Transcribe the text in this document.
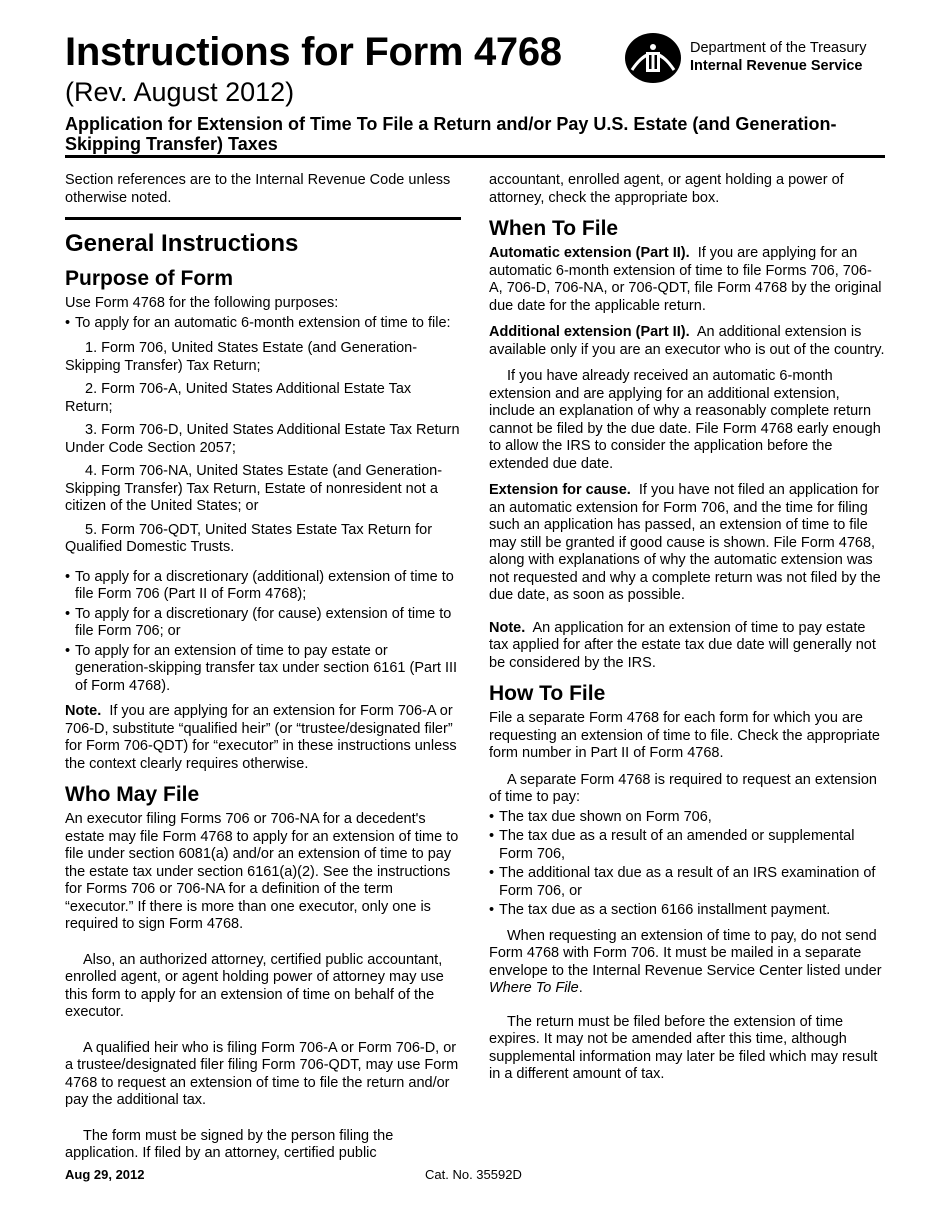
Instructions for Form 4768
(Rev. August 2012)
Department of the Treasury
Internal Revenue Service
Application for Extension of Time To File a Return and/or Pay U.S. Estate (and Generation-Skipping Transfer) Taxes

Section references are to the Internal Revenue Code unless otherwise noted.

General Instructions
Purpose of Form

Use Form 4768 for the following purposes:

• To apply for an automatic 6-month extension of time to file:

1. Form 706, United States Estate (and Generation-Skipping Transfer) Tax Return;

2. Form 706-A, United States Additional Estate Tax Return;

3. Form 706-D, United States Additional Estate Tax Return Under Code Section 2057;

4. Form 706-NA, United States Estate (and Generation-Skipping Transfer) Tax Return, Estate of nonresident not a citizen of the United States; or

5. Form 706-QDT, United States Estate Tax Return for Qualified Domestic Trusts.

• To apply for a discretionary (additional) extension of time to file Form 706 (Part II of Form 4768);

• To apply for a discretionary (for cause) extension of time to file Form 706; or

• To apply for an extension of time to pay estate or generation-skipping transfer tax under section 6161 (Part III of Form 4768).

Note. If you are applying for an extension for Form 706-A or 706-D, substitute “qualified heir” (or “trustee/designated filer” for Form 706-QDT) for “executor” in these instructions unless the context clearly requires otherwise.

Who May File

An executor filing Forms 706 or 706-NA for a decedent's estate may file Form 4768 to apply for an extension of time to file under section 6081(a) and/or an extension of time to pay the estate tax under section 6161(a)(2). See the instructions for Forms 706 or 706-NA for a definition of the term “executor.” If there is more than one executor, only one is required to sign Form 4768.

Also, an authorized attorney, certified public accountant, enrolled agent, or agent holding power of attorney may use this form to apply for an extension of time on behalf of the executor.

A qualified heir who is filing Form 706-A or Form 706-D, or a trustee/designated filer filing Form 706-QDT, may use Form 4768 to request an extension of time to file the return and/or pay the additional tax.

The form must be signed by the person filing the application. If filed by an attorney, certified public

accountant, enrolled agent, or agent holding a power of attorney, check the appropriate box.

When To File

Automatic extension (Part II). If you are applying for an automatic 6-month extension of time to file Forms 706, 706-A, 706-D, 706-NA, or 706-QDT, file Form 4768 by the original due date for the applicable return.

Additional extension (Part II). An additional extension is available only if you are an executor who is out of the country.

If you have already received an automatic 6-month extension and are applying for an additional extension, include an explanation of why a reasonably complete return cannot be filed by the due date. File Form 4768 early enough to allow the IRS to consider the application before the extended due date.

Extension for cause. If you have not filed an application for an automatic extension for Form 706, and the time for filing such an application has passed, an extension of time to file may still be granted if good cause is shown. File Form 4768, along with explanations of why the automatic extension was not requested and why a complete return was not filed by the due date, as soon as possible.

Note. An application for an extension of time to pay estate tax applied for after the estate tax due date will generally not be considered by the IRS.

How To File

File a separate Form 4768 for each form for which you are requesting an extension of time to file. Check the appropriate form number in Part II of Form 4768.

A separate Form 4768 is required to request an extension of time to pay:

• The tax due shown on Form 706,

• The tax due as a result of an amended or supplemental Form 706,

• The additional tax due as a result of an IRS examination of Form 706, or

• The tax due as a section 6166 installment payment.

When requesting an extension of time to pay, do not send Form 4768 with Form 706. It must be mailed in a separate envelope to the Internal Revenue Service Center listed under Where To File.

The return must be filed before the extension of time expires. It may not be amended after this time, although supplemental information may later be filed which may result in a different amount of tax.

Aug 29, 2012	Cat. No. 35592D
